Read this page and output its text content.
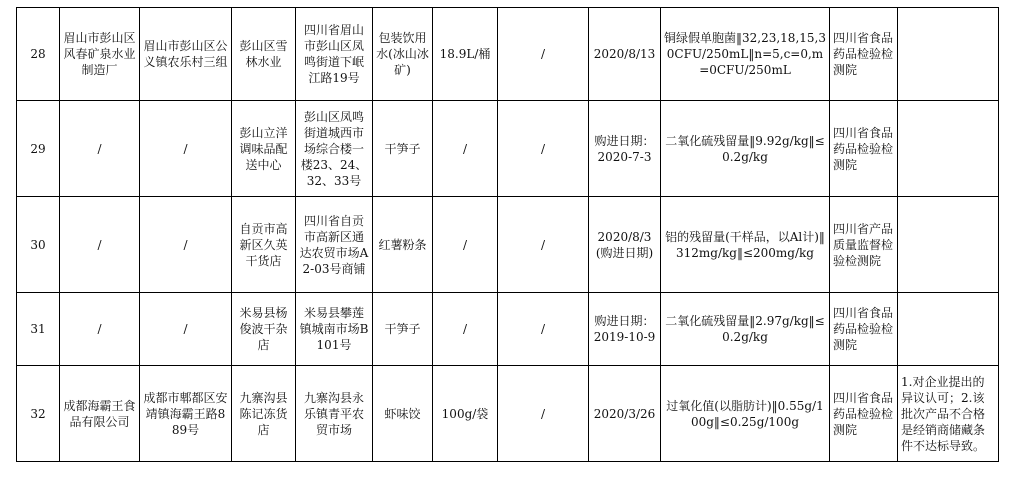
28	眉山市彭山区风春矿泉水业制造厂	眉山市彭山区公义镇农乐村三组	彭山区雪林水业	四川省眉山市彭山区凤鸣街道下岷江路19号	包装饮用水(冰山冰矿)	18.9L/桶	/	2020/8/13	铜绿假单胞菌‖32,23,18,15,30CFU/250mL‖n=5,c=0,m=0CFU/250mL	四川省食品药品检验检测院	
29	/	/	彭山立洋调味品配送中心	彭山区凤鸣街道城西市场综合楼一楼23、24、32、33号	干笋子	/	/	购进日期：2020-7-3	二氧化硫残留量‖9.92g/kg‖≤0.2g/kg	四川省食品药品检验检测院	
30	/	/	自贡市高新区久英干货店	四川省自贡市高新区通达农贸市场A2-03号商铺	红薯粉条	/	/	2020/8/3(购进日期)	铝的残留量(干样品，以Al计)‖312mg/kg‖≤200mg/kg	四川省产品质量监督检验检测院	
31	/	/	米易县杨俊波干杂店	米易县攀莲镇城南市场B101号	干笋子	/	/	购进日期：2019-10-9	二氧化硫残留量‖2.97g/kg‖≤0.2g/kg	四川省食品药品检验检测院	
32	成都海霸王食品有限公司	成都市郫都区安靖镇海霸王路889号	九寨沟县陈记冻货店	九寨沟县永乐镇青平农贸市场	虾味饺	100g/袋	/	2020/3/26	过氧化值(以脂肪计)‖0.55g/100g‖≤0.25g/100g	四川省食品药品检验检测院	1.对企业提出的异议认可；2.该批次产品不合格是经销商储藏条件不达标导致。
